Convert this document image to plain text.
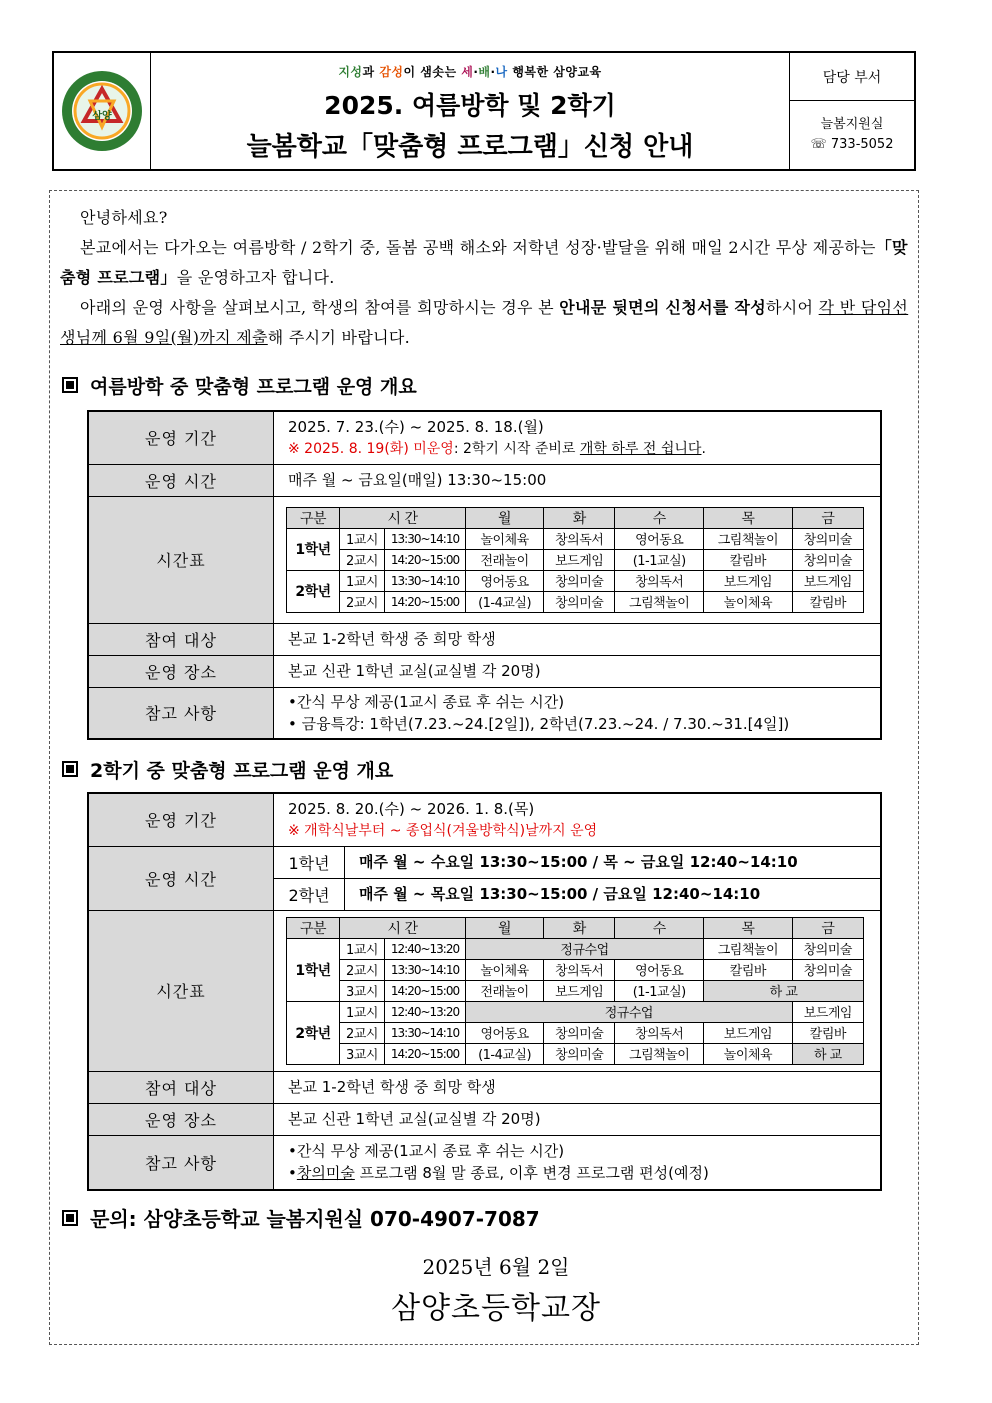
삼양
지성과 감성이 샘솟는 세·배·나 행복한 삼양교육
2025. 여름방학 및 2학기
늘봄학교「맞춤형 프로그램」신청 안내
담당 부서
늘봄지원실
☏ 733-5052

안녕하세요?

본교에서는 다가오는 여름방학 / 2학기 중, 돌봄 공백 해소와 저학년 성장·발달을 위해 매일 2시간 무상 제공하는「맞춤형 프로그램」을 운영하고자 합니다.

아래의 운영 사항을 살펴보시고, 학생의 참여를 희망하시는 경우 본 안내문 뒷면의 신청서를 작성하시어 각 반 담임선생님께 6월 9일(월)까지 제출해 주시기 바랍니다.

여름방학 중 맞춤형 프로그램 운영 개요
운영 기간	
2025. 7. 23.(수) ~ 2025. 8. 18.(월)
※ 2025. 8. 19(화) 미운영: 2학기 시작 준비로 개학 하루 전 쉽니다.

운영 시간	매주 월 ~ 금요일(매일) 13:30~15:00
시간표	
구분	시 간	월	화	수	목	금
1학년	1교시	13:30~14:10	놀이체육	창의독서	영어동요	그림책놀이	창의미술
2교시	14:20~15:00	전래놀이	보드게임	(1-1교실)	칼림바	창의미술
2학년	1교시	13:30~14:10	영어동요	창의미술	창의독서	보드게임	보드게임
2교시	14:20~15:00	(1-4교실)	창의미술	그림책놀이	놀이체육	칼림바

참여 대상	본교 1-2학년 학생 중 희망 학생
운영 장소	본교 신관 1학년 교실(교실별 각 20명)
참고 사항	
•간식 무상 제공(1교시 종료 후 쉬는 시간)
• 금융특강: 1학년(7.23.~24.[2일]), 2학년(7.23.~24. / 7.30.~31.[4일])
2학기 중 맞춤형 프로그램 운영 개요
운영 기간	
2025. 8. 20.(수) ~ 2026. 1. 8.(목)
※ 개학식날부터 ~ 종업식(겨울방학식)날까지 운영

운영 시간	1학년	매주 월 ~ 수요일 13:30~15:00 / 목 ~ 금요일 12:40~14:10
2학년	매주 월 ~ 목요일 13:30~15:00 / 금요일 12:40~14:10
시간표	
구분	시 간	월	화	수	목	금
1학년	1교시	12:40~13:20	정규수업	그림책놀이	창의미술
2교시	13:30~14:10	놀이체육	창의독서	영어동요	칼림바	창의미술
3교시	14:20~15:00	전래놀이	보드게임	(1-1교실)	하 교
2학년	1교시	12:40~13:20	정규수업	보드게임
2교시	13:30~14:10	영어동요	창의미술	창의독서	보드게임	칼림바
3교시	14:20~15:00	(1-4교실)	창의미술	그림책놀이	놀이체육	하 교

참여 대상	본교 1-2학년 학생 중 희망 학생
운영 장소	본교 신관 1학년 교실(교실별 각 20명)
참고 사항	
•간식 무상 제공(1교시 종료 후 쉬는 시간)
•창의미술 프로그램 8월 말 종료, 이후 변경 프로그램 편성(예정)
문의: 삼양초등학교 늘봄지원실 070-4907-7087
2025년 6월 2일
삼양초등학교장
